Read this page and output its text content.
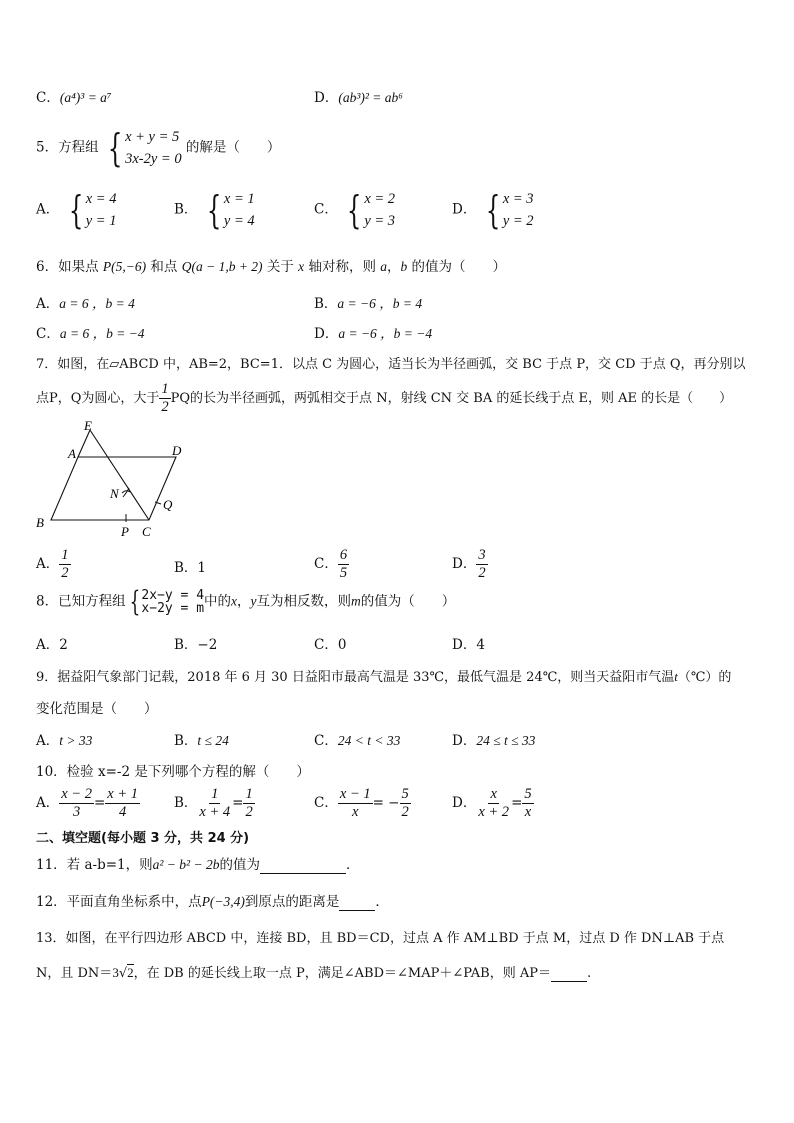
C．(a⁴)³ = a⁷	D．(ab³)² = ab⁶
5．方程组 { x + y = 5
3x-2y = 0
的解是（　　）
A． { x = 4
y = 1
B． { x = 1
y = 4
C． { x = 2
y = 3
D． { x = 3
y = 2
6．如果点 P(5,−6) 和点 Q(a − 1,b + 2) 关于 x 轴对称，则 a，b 的值为（　　）
A．a = 6 ，b = 4	B．a = −6 ，b = 4
C．a = 6 ，b = −4	D．a = −6 ，b = −4
7．如图，在▱ABCD 中，AB=2，BC=1．以点 C 为圆心，适当长为半径画弧，交 BC 于点 P，交 CD 于点 Q，再分别以
点P，Q为圆心，大于 $\frac{1}{2}$ PQ的长为半径画弧，两弧相交于点 N，射线 CN 交 BA 的延长线于点 E，则 AE 的长是（　　）
E
A	D
N
Q
B
P C
A． $\frac{1}{2}$	B．1	C． $\frac{6}{5}$	D． $\frac{3}{2}$
8．已知方程组 { 2x−y = 4
x−2y = m 中的x，y互为相反数，则m的值为（　　）
A．2	B．−2	C．0	D．4
9．据益阳气象部门记载，2018 年 6 月 30 日益阳市最高气温是 33℃，最低气温是 24℃，则当天益阳市气温t（℃）的
变化范围是（　　）
A．t > 33	B．t ≤ 24	C．24 < t < 33	D．24 ≤ t ≤ 33
10．检验 x=-2 是下列哪个方程的解（　　）
A． $\frac{x - 2}{3} = \frac{x + 1}{4}$	B． $\frac{1}{x + 4} = \frac{1}{2}$	C． $\frac{x - 1}{x}$ = − $\frac{5}{2}$	D． $\frac{x}{x + 2} = \frac{5}{x}$
二、填空题(每小题 3 分，共 24 分)
11．若 a-b=1，则a² − b² − 2b的值为	．
12．平面直角坐标系中，点P(−3,4)到原点的距离是	．
13．如图，在平行四边形 ABCD 中，连接 BD，且 BD＝CD，过点 A 作 AM⊥BD 于点 M，过点 D 作 DN⊥AB 于点
N，且 DN＝3√2，在 DB 的延长线上取一点 P，满足∠ABD＝∠MAP＋∠PAB，则 AP＝	.
